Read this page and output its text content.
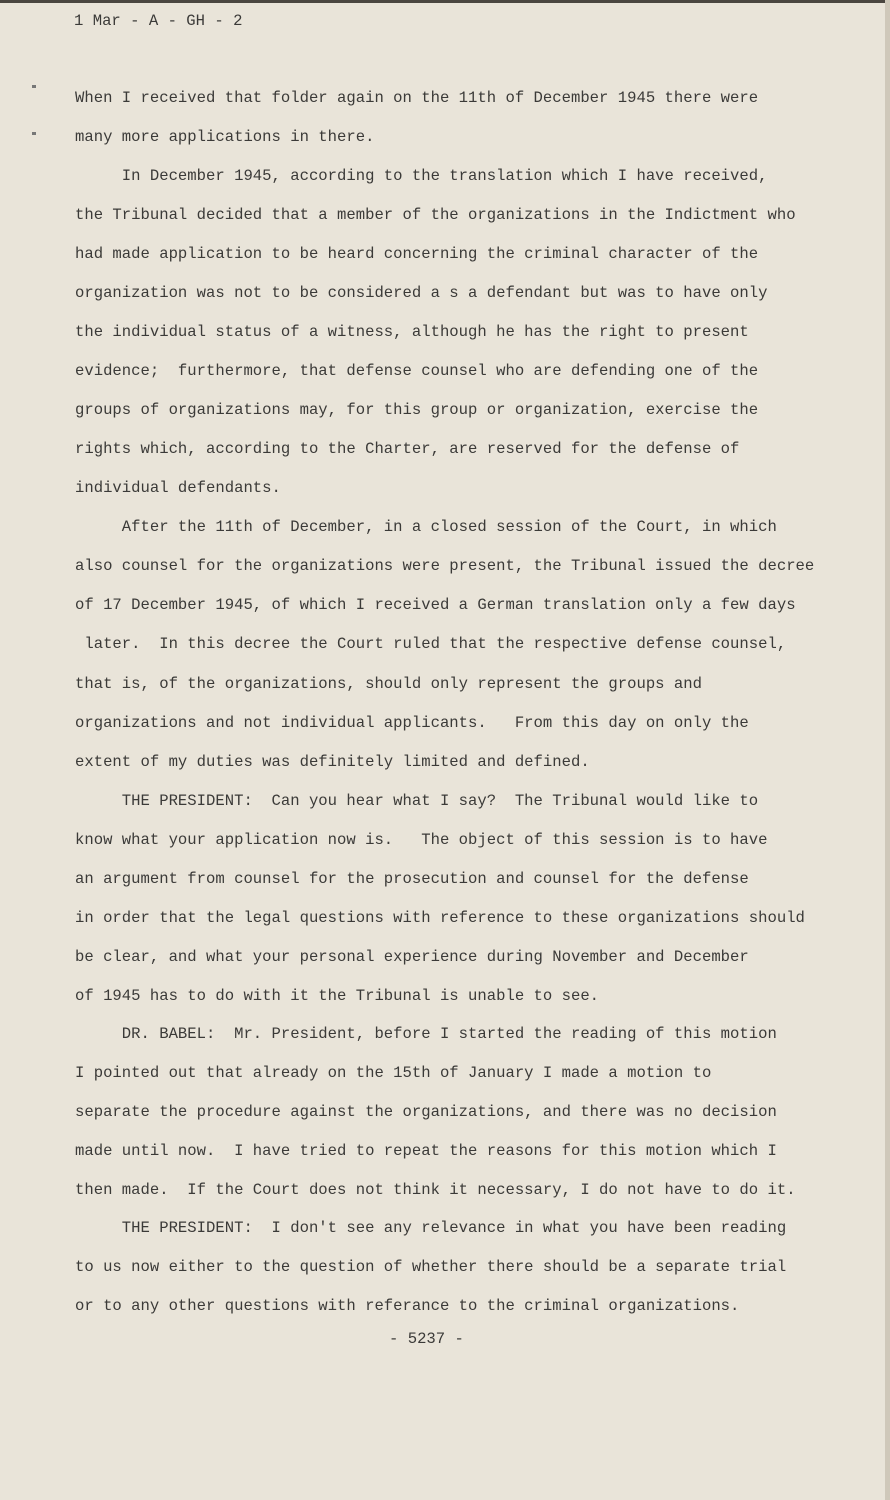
1 Mar - A - GH - 2
When I received that folder again on the 11th of December 1945 there were
many more applications in there.
In December 1945, according to the translation which I have received,
the Tribunal decided that a member of the organizations in the Indictment who
had made application to be heard concerning the criminal character of the
organization was not to be considered a s a defendant but was to have only
the individual status of a witness, although he has the right to present
evidence;  furthermore, that defense counsel who are defending one of the
groups of organizations may, for this group or organization, exercise the
rights which, according to the Charter, are reserved for the defense of
individual defendants.
After the 11th of December, in a closed session of the Court, in which
also counsel for the organizations were present, the Tribunal issued the decree
of 17 December 1945, of which I received a German translation only a few days
later.  In this decree the Court ruled that the respective defense counsel,
that is, of the organizations, should only represent the groups and
organizations and not individual applicants.   From this day on only the
extent of my duties was definitely limited and defined.
THE PRESIDENT:  Can you hear what I say?  The Tribunal would like to
know what your application now is.   The object of this session is to have
an argument from counsel for the prosecution and counsel for the defense
in order that the legal questions with reference to these organizations should
be clear, and what your personal experience during November and December
of 1945 has to do with it the Tribunal is unable to see.
DR. BABEL:  Mr. President, before I started the reading of this motion
I pointed out that already on the 15th of January I made a motion to
separate the procedure against the organizations, and there was no decision
made until now.  I have tried to repeat the reasons for this motion which I
then made.  If the Court does not think it necessary, I do not have to do it.
THE PRESIDENT:  I don't see any relevance in what you have been reading
to us now either to the question of whether there should be a separate trial
or to any other questions with referance to the criminal organizations.
- 5237 -
